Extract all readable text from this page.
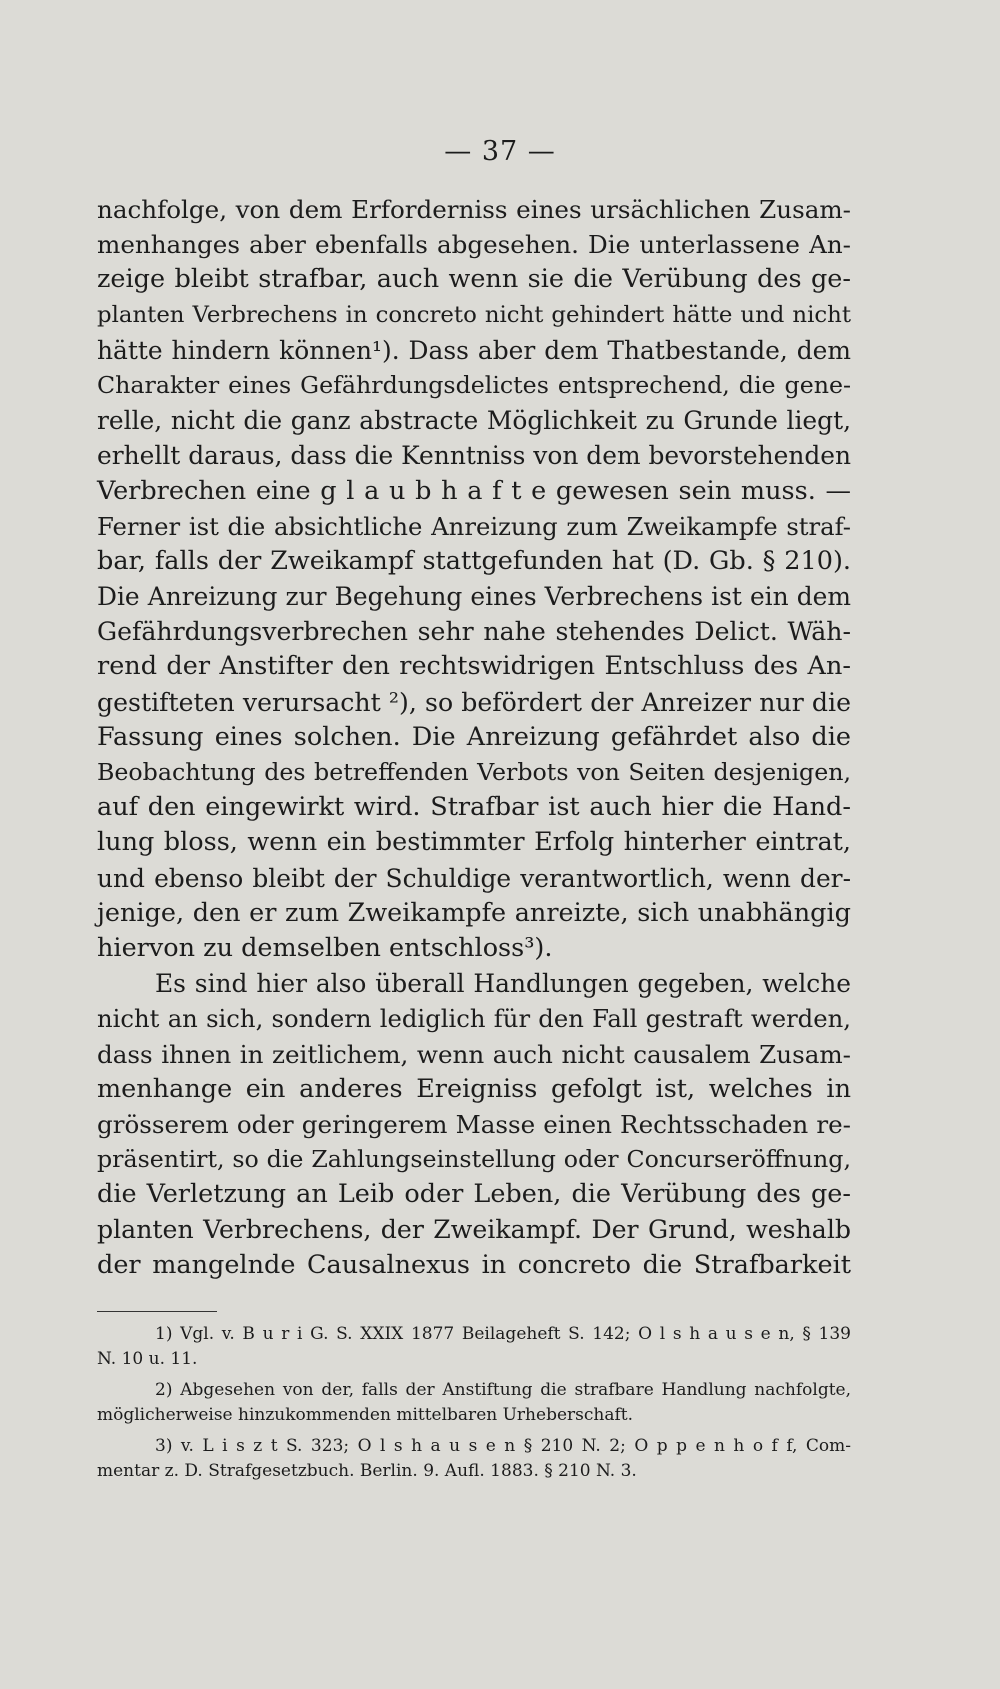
— 37 —
nachfolge, von dem Erforderniss eines ursächlichen Zusam-
menhanges aber ebenfalls abgesehen. Die unterlassene An-
zeige bleibt strafbar, auch wenn sie die Verübung des ge-
planten Verbrechens in concreto nicht gehindert hätte und nicht
hätte hindern können¹). Dass aber dem Thatbestande, dem
Charakter eines Gefährdungsdelictes entsprechend, die gene-
relle, nicht die ganz abstracte Möglichkeit zu Grunde liegt,
erhellt daraus, dass die Kenntniss von dem bevorstehenden
Verbrechen eine g l a u b h a f t e gewesen sein muss. —
Ferner ist die absichtliche Anreizung zum Zweikampfe straf-
bar, falls der Zweikampf stattgefunden hat (D. Gb. § 210).
Die Anreizung zur Begehung eines Verbrechens ist ein dem
Gefährdungsverbrechen sehr nahe stehendes Delict. Wäh-
rend der Anstifter den rechtswidrigen Entschluss des An-
gestifteten verursacht ²), so befördert der Anreizer nur die
Fassung eines solchen. Die Anreizung gefährdet also die
Beobachtung des betreffenden Verbots von Seiten desjenigen,
auf den eingewirkt wird. Strafbar ist auch hier die Hand-
lung bloss, wenn ein bestimmter Erfolg hinterher eintrat,
und ebenso bleibt der Schuldige verantwortlich, wenn der-
jenige, den er zum Zweikampfe anreizte, sich unabhängig
hiervon zu demselben entschloss³).
Es sind hier also überall Handlungen gegeben, welche
nicht an sich, sondern lediglich für den Fall gestraft werden,
dass ihnen in zeitlichem, wenn auch nicht causalem Zusam-
menhange ein anderes Ereigniss gefolgt ist, welches in
grösserem oder geringerem Masse einen Rechtsschaden re-
präsentirt, so die Zahlungseinstellung oder Concurseröffnung,
die Verletzung an Leib oder Leben, die Verübung des ge-
planten Verbrechens, der Zweikampf. Der Grund, weshalb
der mangelnde Causalnexus in concreto die Strafbarkeit
1) Vgl. v. B u r i G. S. XXIX 1877 Beilageheft S. 142; O l s h a u s e n, § 139
N. 10 u. 11.
2) Abgesehen von der, falls der Anstiftung die strafbare Handlung nachfolgte,
möglicherweise hinzukommenden mittelbaren Urheberschaft.
3) v. L i s z t S. 323; O l s h a u s e n § 210 N. 2; O p p e n h o f f, Com-
mentar z. D. Strafgesetzbuch. Berlin. 9. Aufl. 1883. § 210 N. 3.
